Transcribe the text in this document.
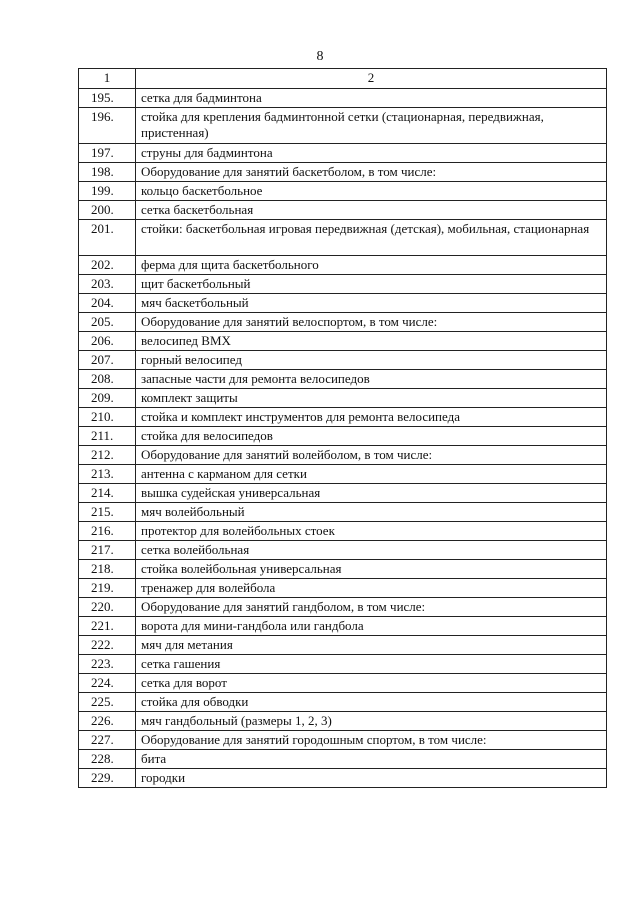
8
1	2
195.	сетка для бадминтона
196.	стойка для крепления бадминтонной сетки (стационарная, передвижная, пристенная)
197.	струны для бадминтона
198.	Оборудование для занятий баскетболом, в том числе:
199.	кольцо баскетбольное
200.	сетка баскетбольная
201.	стойки: баскетбольная игровая передвижная (детская), мобильная, стационарная
202.	ферма для щита баскетбольного
203.	щит баскетбольный
204.	мяч баскетбольный
205.	Оборудование для занятий велоспортом, в том числе:
206.	велосипед BMX
207.	горный велосипед
208.	запасные части для ремонта велосипедов
209.	комплект защиты
210.	стойка и комплект инструментов для ремонта велосипеда
211.	стойка для велосипедов
212.	Оборудование для занятий волейболом, в том числе:
213.	антенна с карманом для сетки
214.	вышка судейская универсальная
215.	мяч волейбольный
216.	протектор для волейбольных стоек
217.	сетка волейбольная
218.	стойка волейбольная универсальная
219.	тренажер для волейбола
220.	Оборудование для занятий гандболом, в том числе:
221.	ворота для мини-гандбола или гандбола
222.	мяч для метания
223.	сетка гашения
224.	сетка для ворот
225.	стойка для обводки
226.	мяч гандбольный (размеры 1, 2, 3)
227.	Оборудование для занятий городошным спортом, в том числе:
228.	бита
229.	городки
